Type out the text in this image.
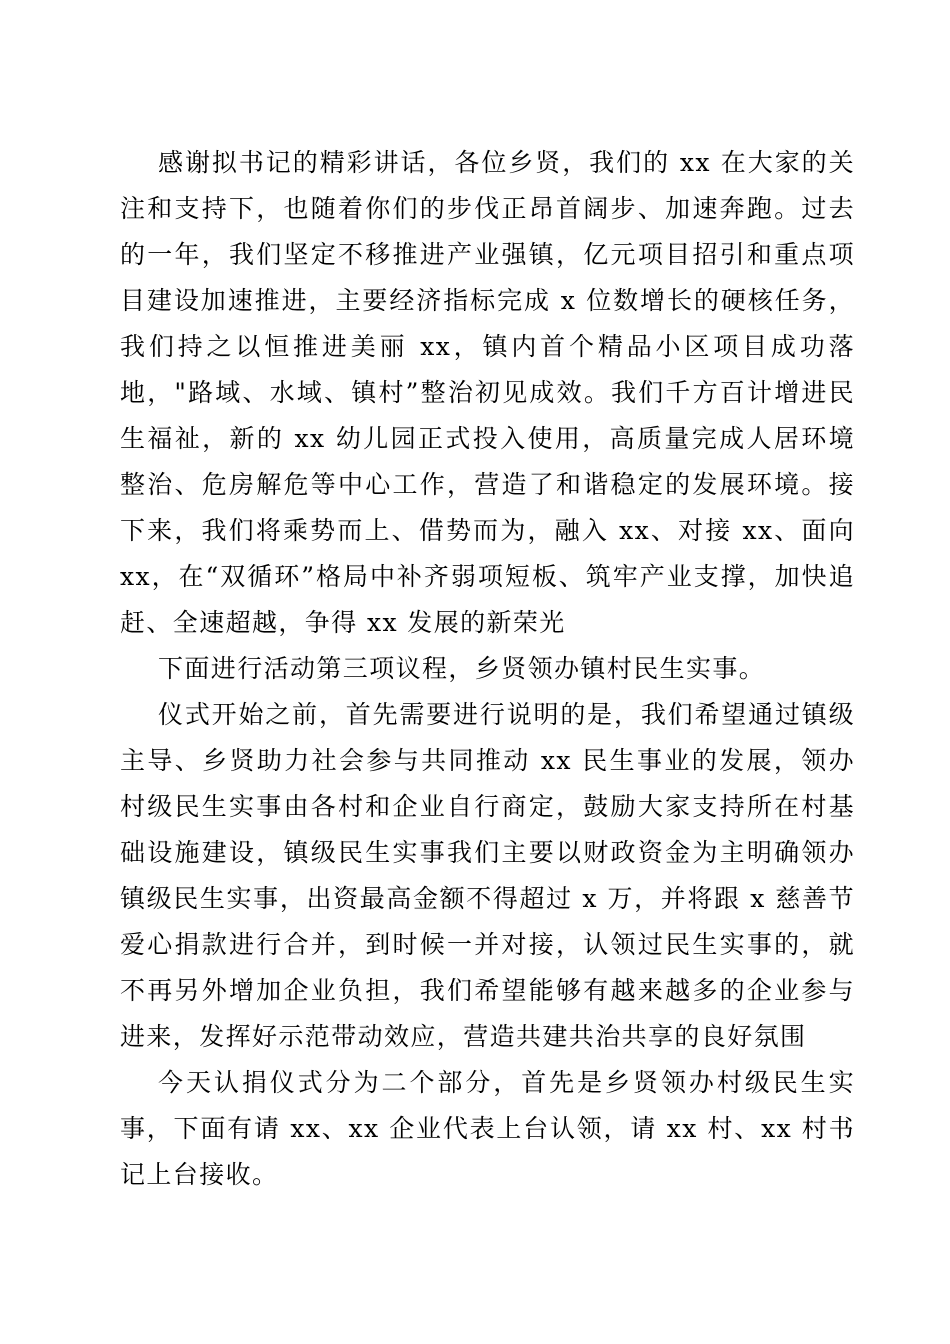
感谢拟书记的精彩讲话，各位乡贤，我们的 xx 在大家的关注和支持下，也随着你们的步伐正昂首阔步、加速奔跑。过去的一年，我们坚定不移推进产业强镇，亿元项目招引和重点项目建设加速推进，主要经济指标完成 x 位数增长的硬核任务，我们持之以恒推进美丽 xx，镇内首个精品小区项目成功落地，"路域、水域、镇村”整治初见成效。我们千方百计增进民生福祉，新的 xx 幼儿园正式投入使用，高质量完成人居环境整治、危房解危等中心工作，营造了和谐稳定的发展环境。接下来，我们将乘势而上、借势而为，融入 xx、对接 xx、面向 xx，在“双循环”格局中补齐弱项短板、筑牢产业支撑，加快追赶、全速超越，争得 xx 发展的新荣光

下面进行活动第三项议程，乡贤领办镇村民生实事。

仪式开始之前，首先需要进行说明的是，我们希望通过镇级主导、乡贤助力社会参与共同推动 xx 民生事业的发展，领办村级民生实事由各村和企业自行商定，鼓励大家支持所在村基础设施建设，镇级民生实事我们主要以财政资金为主明确领办镇级民生实事，出资最高金额不得超过 x 万，并将跟 x 慈善节爱心捐款进行合并，到时候一并对接，认领过民生实事的，就不再另外增加企业负担，我们希望能够有越来越多的企业参与进来，发挥好示范带动效应，营造共建共治共享的良好氛围

今天认捐仪式分为二个部分，首先是乡贤领办村级民生实事，下面有请 xx、xx 企业代表上台认领，请 xx 村、xx 村书记上台接收。
